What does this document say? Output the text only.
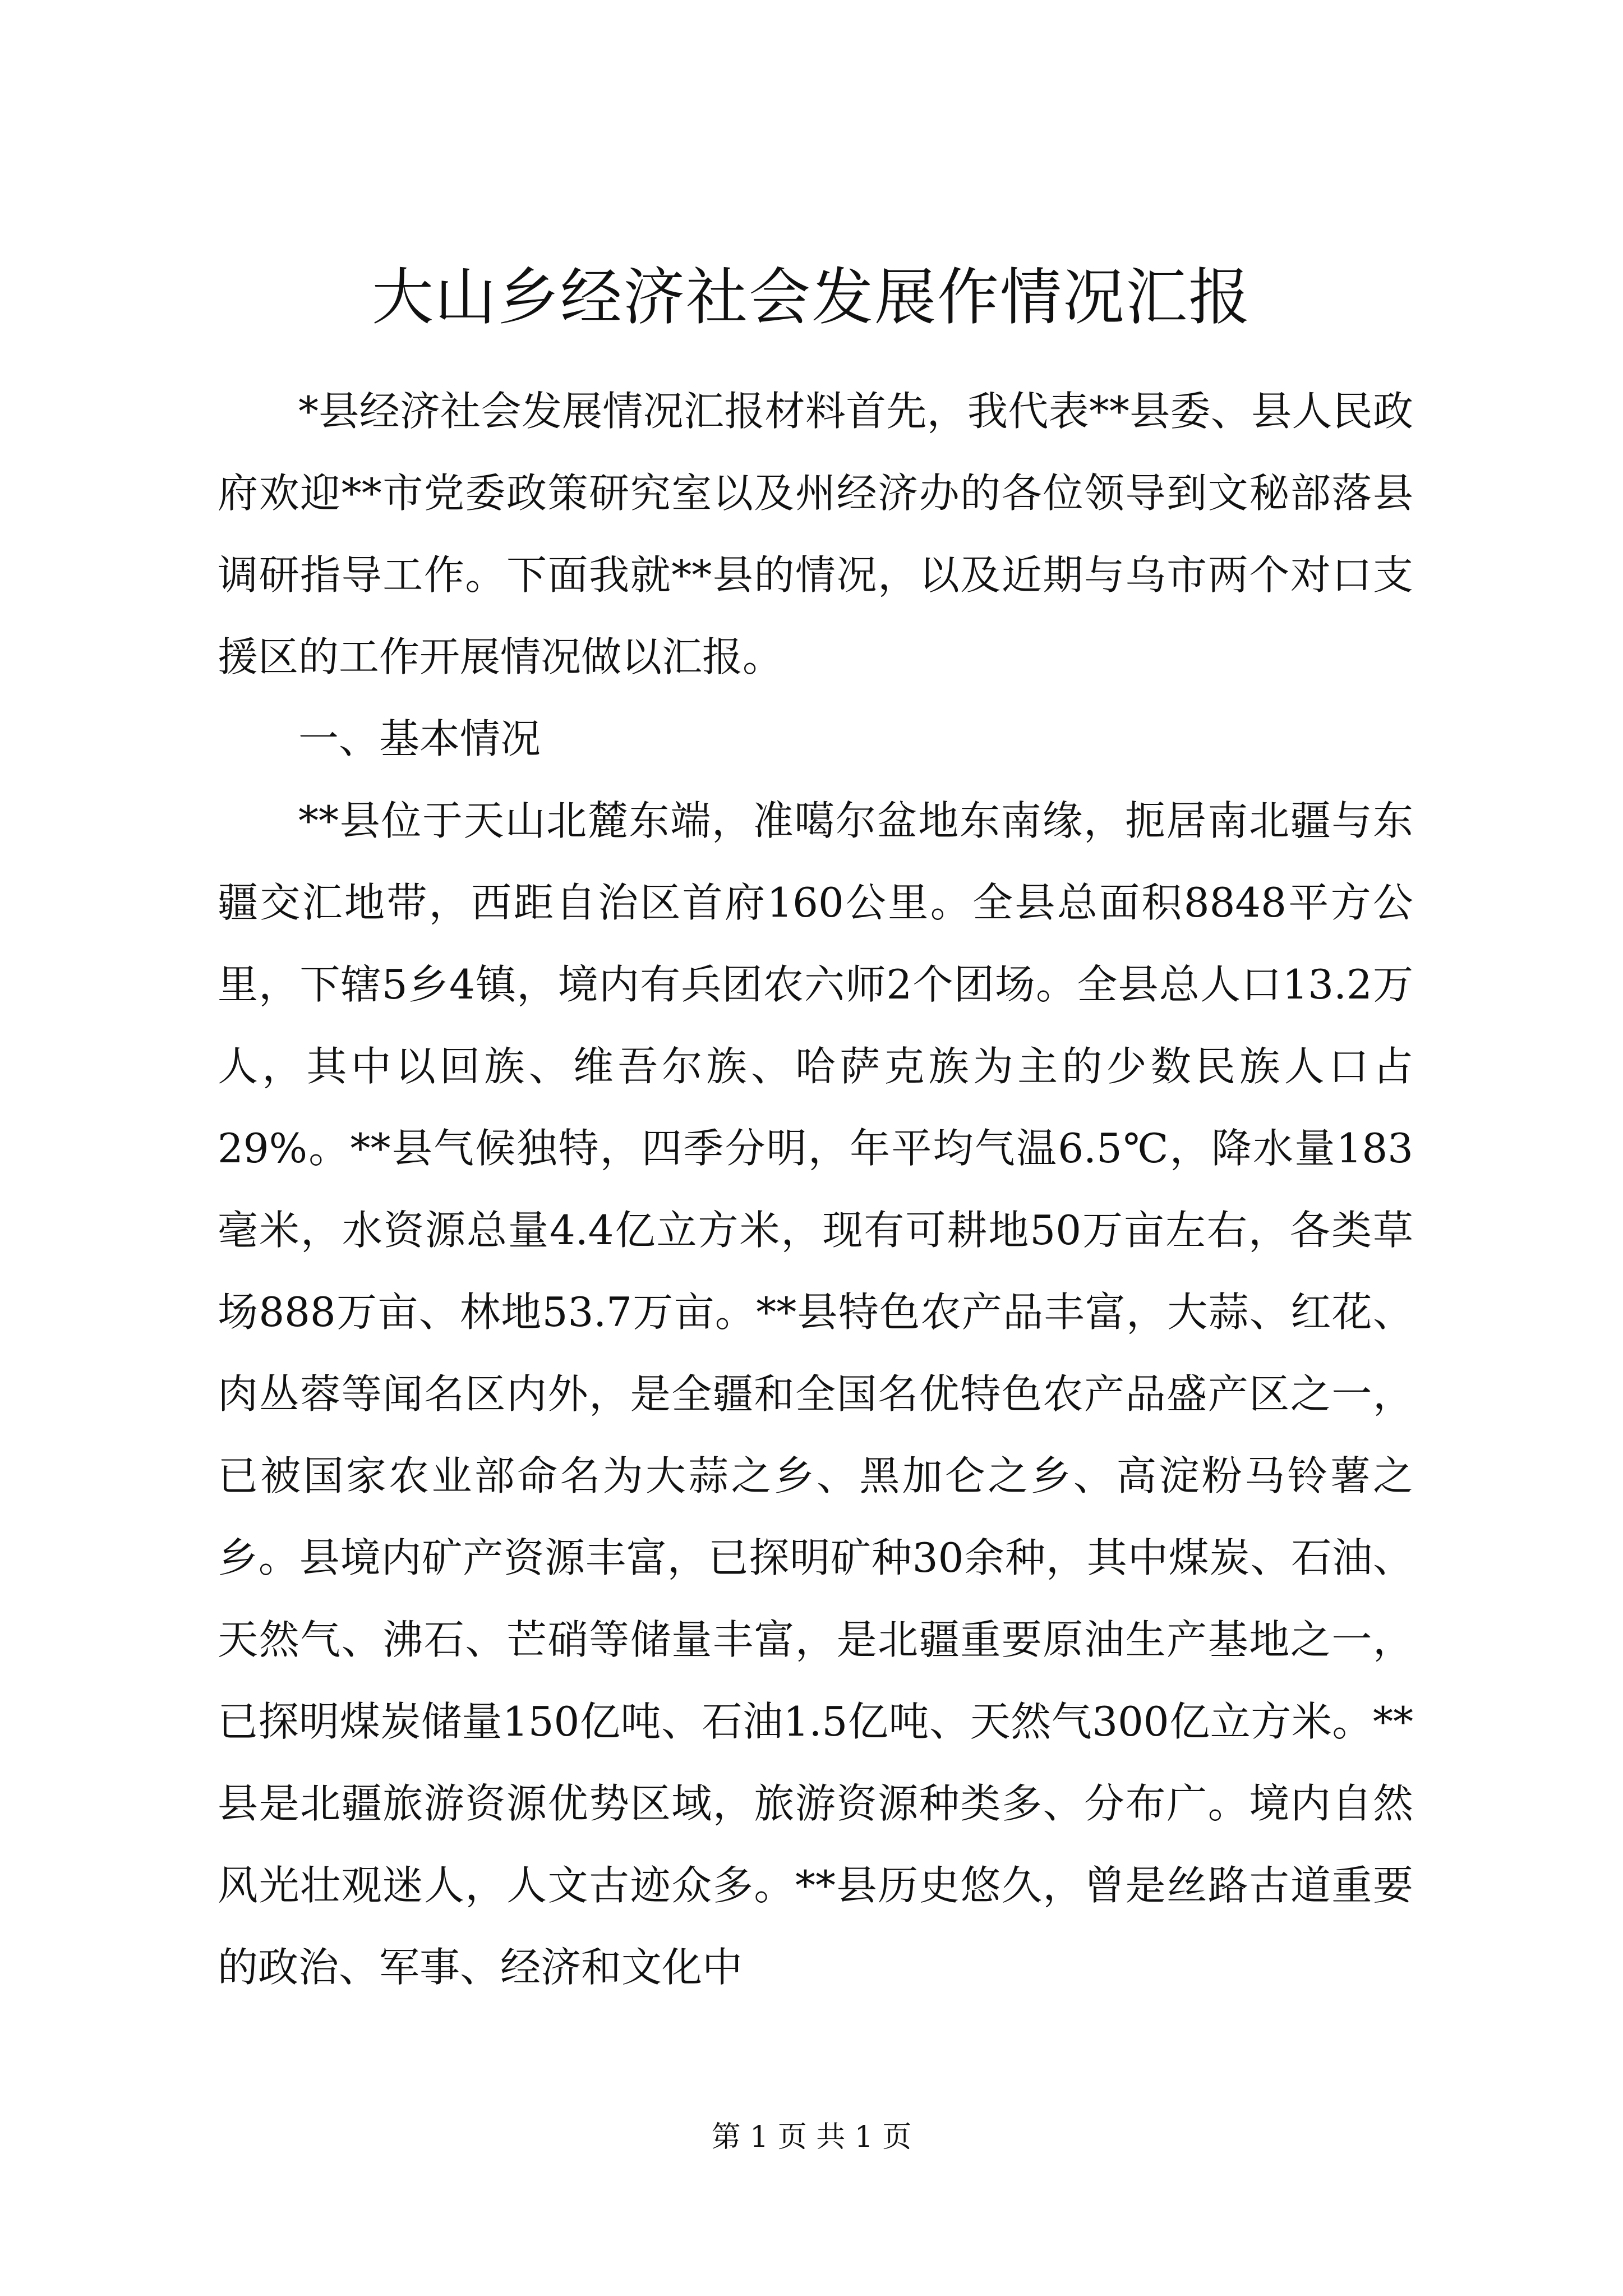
大山乡经济社会发展作情况汇报

*县经济社会发展情况汇报材料首先，我代表**县委、县人民政府欢迎**市党委政策研究室以及州经济办的各位领导到文秘部落县调研指导工作。下面我就**县的情况，以及近期与乌市两个对口支援区的工作开展情况做以汇报。

一、基本情况

**县位于天山北麓东端，准噶尔盆地东南缘，扼居南北疆与东疆交汇地带，西距自治区首府160公里。全县总面积8848平方公里，下辖5乡4镇，境内有兵团农六师2个团场。全县总人口13.2万人，其中以回族、维吾尔族、哈萨克族为主的少数民族人口占29%。**县气候独特，四季分明，年平均气温6.5℃，降水量183毫米，水资源总量4.4亿立方米，现有可耕地50万亩左右，各类草场888万亩、林地53.7万亩。**县特色农产品丰富，大蒜、红花、肉丛蓉等闻名区内外，是全疆和全国名优特色农产品盛产区之一，已被国家农业部命名为大蒜之乡、黑加仑之乡、高淀粉马铃薯之乡。县境内矿产资源丰富，已探明矿种30余种，其中煤炭、石油、天然气、沸石、芒硝等储量丰富，是北疆重要原油生产基地之一，已探明煤炭储量150亿吨、石油1.5亿吨、天然气300亿立方米。**县是北疆旅游资源优势区域，旅游资源种类多、分布广。境内自然风光壮观迷人，人文古迹众多。**县历史悠久，曾是丝路古道重要的政治、军事、经济和文化中

第 1 页 共 1 页
